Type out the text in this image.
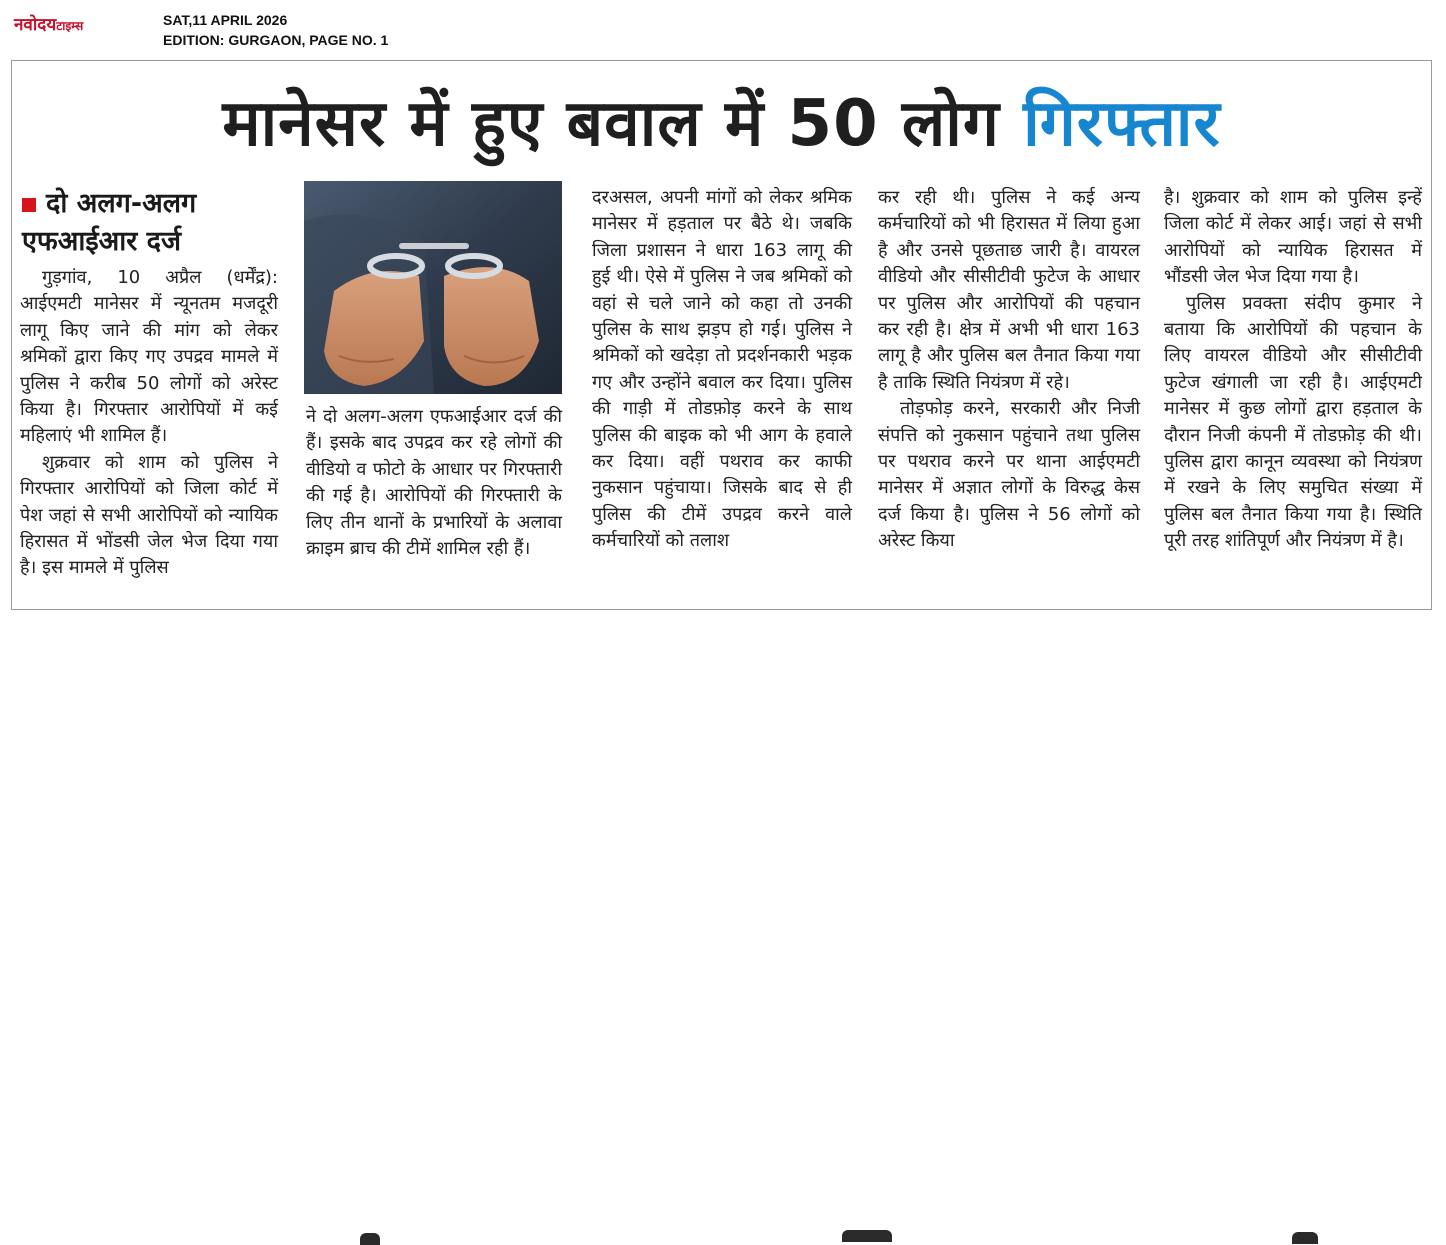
नवोदयटाइम्स	SAT,11 APRIL 2026
EDITION: GURGAON, PAGE NO. 1
मानेसर में हुए बवाल में 50 लोग गिरफ्तार
दो अलग-अलग
एफआईआर दर्ज

गुड़गांव, 10 अप्रैल (धर्मेंद्र): आईएमटी मानेसर में न्यूनतम मजदूरी लागू किए जाने की मांग को लेकर श्रमिकों द्वारा किए गए उपद्रव मामले में पुलिस ने करीब 50 लोगों को अरेस्ट किया है। गिरफ्तार आरोपियों में कई महिलाएं भी शामिल हैं।

शुक्रवार को शाम को पुलिस ने गिरफ्तार आरोपियों को जिला कोर्ट में पेश जहां से सभी आरोपियों को न्यायिक हिरासत में भोंडसी जेल भेज दिया गया है। इस मामले में पुलिस

ने दो अलग-अलग एफआईआर दर्ज की हैं। इसके बाद उपद्रव कर रहे लोगों की वीडियो व फोटो के आधार पर गिरफ्तारी की गई है। आरोपियों की गिरफ्तारी के लिए तीन थानों के प्रभारियों के अलावा क्राइम ब्राच की टीमें शामिल रही हैं।

दरअसल, अपनी मांगों को लेकर श्रमिक मानेसर में हड़ताल पर बैठे थे। जबकि जिला प्रशासन ने धारा 163 लागू की हुई थी। ऐसे में पुलिस ने जब श्रमिकों को वहां से चले जाने को कहा तो उनकी पुलिस के साथ झड़प हो गई। पुलिस ने श्रमिकों को खदेड़ा तो प्रदर्शनकारी भड़क गए और उन्होंने बवाल कर दिया। पुलिस की गाड़ी में तोडफ़ोड़ करने के साथ पुलिस की बाइक को भी आग के हवाले कर दिया। वहीं पथराव कर काफी नुकसान पहुंचाया। जिसके बाद से ही पुलिस की टीमें उपद्रव करने वाले कर्मचारियों को तलाश

कर रही थी। पुलिस ने कई अन्य कर्मचारियों को भी हिरासत में लिया हुआ है और उनसे पूछताछ जारी है। वायरल वीडियो और सीसीटीवी फुटेज के आधार पर पुलिस और आरोपियों की पहचान कर रही है। क्षेत्र में अभी भी धारा 163 लागू है और पुलिस बल तैनात किया गया है ताकि स्थिति नियंत्रण में रहे।

तोड़फोड़ करने, सरकारी और निजी संपत्ति को नुकसान पहुंचाने तथा पुलिस पर पथराव करने पर थाना आईएमटी मानेसर में अज्ञात लोगों के विरुद्ध केस दर्ज किया है। पुलिस ने 56 लोगों को अरेस्ट किया

है। शुक्रवार को शाम को पुलिस इन्हें जिला कोर्ट में लेकर आई। जहां से सभी आरोपियों को न्यायिक हिरासत में भौंडसी जेल भेज दिया गया है।

पुलिस प्रवक्ता संदीप कुमार ने बताया कि आरोपियों की पहचान के लिए वायरल वीडियो और सीसीटीवी फुटेज खंगाली जा रही है। आईएमटी मानेसर में कुछ लोगों द्वारा हड़ताल के दौरान निजी कंपनी में तोडफ़ोड़ की थी। पुलिस द्वारा कानून व्यवस्था को नियंत्रण में रखने के लिए समुचित संख्या में पुलिस बल तैनात किया गया है। स्थिति पूरी तरह शांतिपूर्ण और नियंत्रण में है।
